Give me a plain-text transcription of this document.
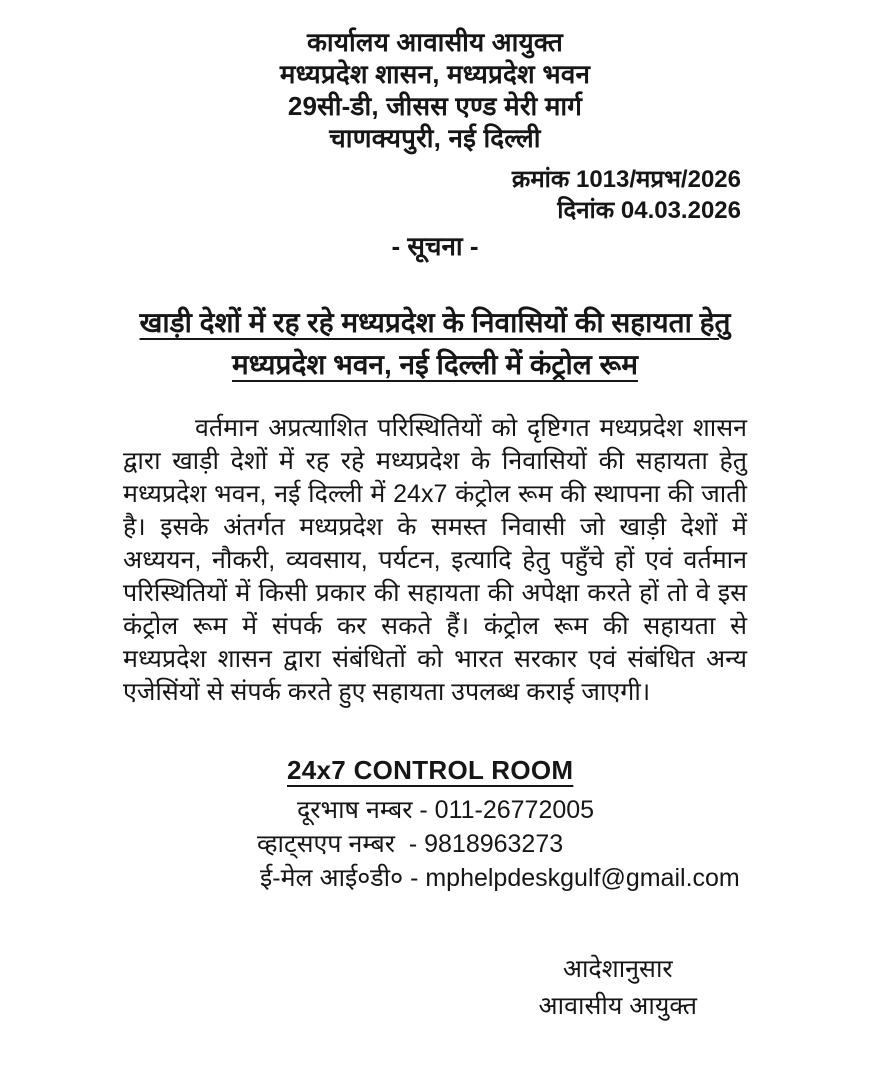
कार्यालय आवासीय आयुक्त
मध्यप्रदेश शासन, मध्यप्रदेश भवन
29सी-डी, जीसस एण्ड मेरी मार्ग
चाणक्यपुरी, नई दिल्ली
क्रमांक 1013/मप्रभ/2026
दिनांक 04.03.2026
- सूचना -
खाड़ी देशों में रह रहे मध्यप्रदेश के निवासियों की सहायता हेतु
मध्यप्रदेश भवन, नई दिल्ली में कंट्रोल रूम

वर्तमान अप्रत्याशित परिस्थितियों को दृष्टिगत मध्यप्रदेश शासन द्वारा खाड़ी देशों में रह रहे मध्यप्रदेश के निवासियों की सहायता हेतु मध्यप्रदेश भवन, नई दिल्ली में 24x7 कंट्रोल रूम की स्थापना की जाती है। इसके अंतर्गत मध्यप्रदेश के समस्त निवासी जो खाड़ी देशों में अध्ययन, नौकरी, व्यवसाय, पर्यटन, इत्यादि हेतु पहुँचे हों एवं वर्तमान परिस्थितियों में किसी प्रकार की सहायता की अपेक्षा करते हों तो वे इस कंट्रोल रूम में संपर्क कर सकते हैं। कंट्रोल रूम की सहायता से मध्यप्रदेश शासन द्वारा संबंधितों को भारत सरकार एवं संबंधित अन्य एजेसिंयों से संपर्क करते हुए सहायता उपलब्ध कराई जाएगी।

24x7 CONTROL ROOM
दूरभाष नम्बर - 011-26772005
व्हाट्सएप नम्बर  - 9818963273
ई-मेल आई०डी० - mphelpdeskgulf@gmail.com
आदेशानुसार
आवासीय आयुक्त
